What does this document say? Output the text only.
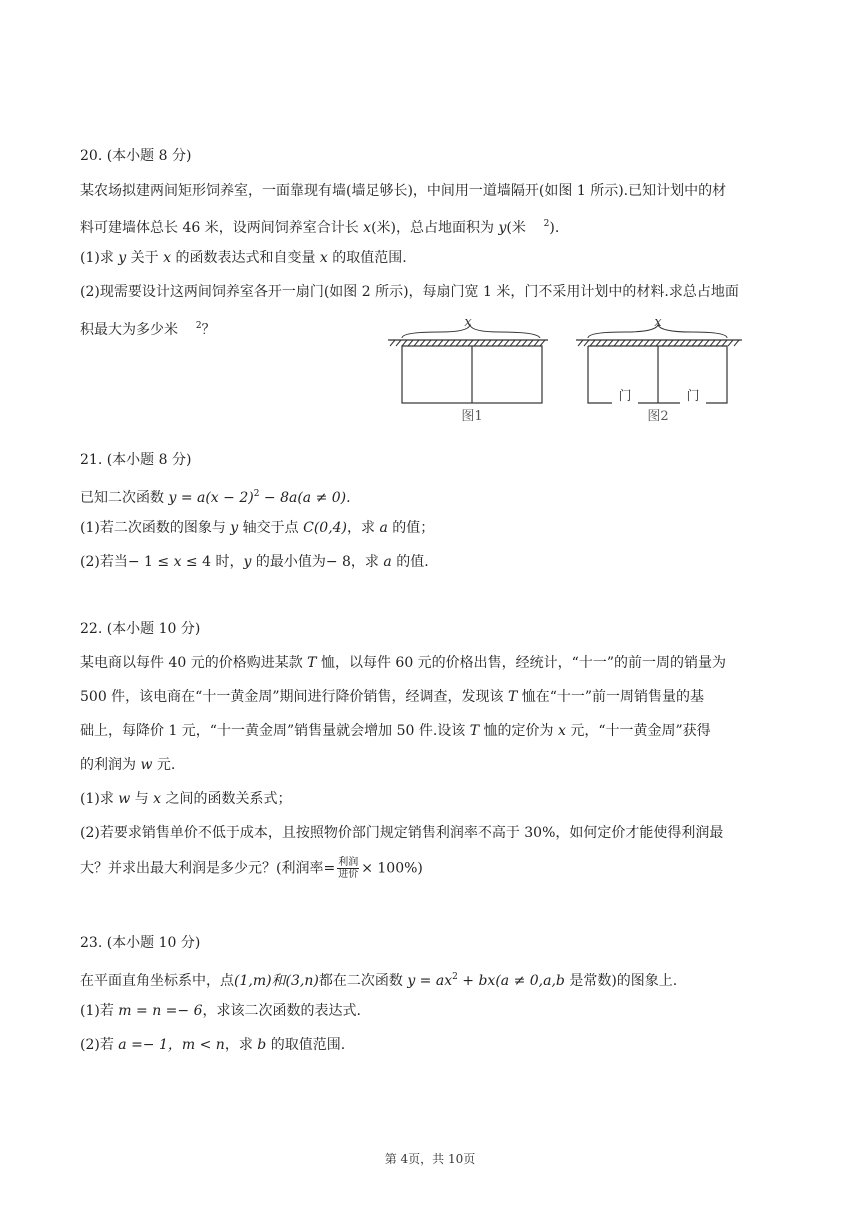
20. (本小题 8 分)
某农场拟建两间矩形饲养室，一面靠现有墙(墙足够长)，中间用一道墙隔开(如图 1 所示).已知计划中的材
料可建墙体总长 46 米，设两间饲养室合计长 x(米)，总占地面积为 y(米 $^2$).
(1)求 y 关于 x 的函数表达式和自变量 x 的取值范围.
(2)现需要设计这两间饲养室各开一扇门(如图 2 所示)，每扇门宽 1 米，门不采用计划中的材料.求总占地面
积最大为多少米 $^2$？	x
图1
x
门	门
图2
21. (本小题 8 分)
已知二次函数 $y = a(x - 2)^2 - 8a(a \ne 0)$.
(1)若二次函数的图象与 y 轴交于点 C(0,4)，求 a 的值；
(2)若当− 1 ≤ x ≤ 4 时，y 的最小值为− 8，求 a 的值.
22. (本小题 10 分)
某电商以每件 40 元的价格购进某款 T 恤，以每件 60 元的价格出售，经统计，“十一”的前一周的销量为
500 件，该电商在“十一黄金周”期间进行降价销售，经调查，发现该 T 恤在“十一”前一周销售量的基
础上，每降价 1 元，“十一黄金周”销售量就会增加 50 件.设该 T 恤的定价为 x 元，“十一黄金周”获得
的利润为 w 元.
(1)求 w 与 x 之间的函数关系式；
(2)若要求销售单价不低于成本，且按照物价部门规定销售利润率不高于 30%，如何定价才能使得利润最
大？并求出最大利润是多少元？(利润率= $\frac{\text{利润}}{\text{进价}} \times 100\%$)
23. (本小题 10 分)
在平面直角坐标系中，点(1,m)和(3,n)都在二次函数 $y = ax^2 + bx(a \ne 0,a,b$ 是常数)的图象上.
(1)若 m = n =− 6，求该二次函数的表达式.
(2)若 a =− 1，m < n，求 b 的取值范围.
第 4页，共 10页
